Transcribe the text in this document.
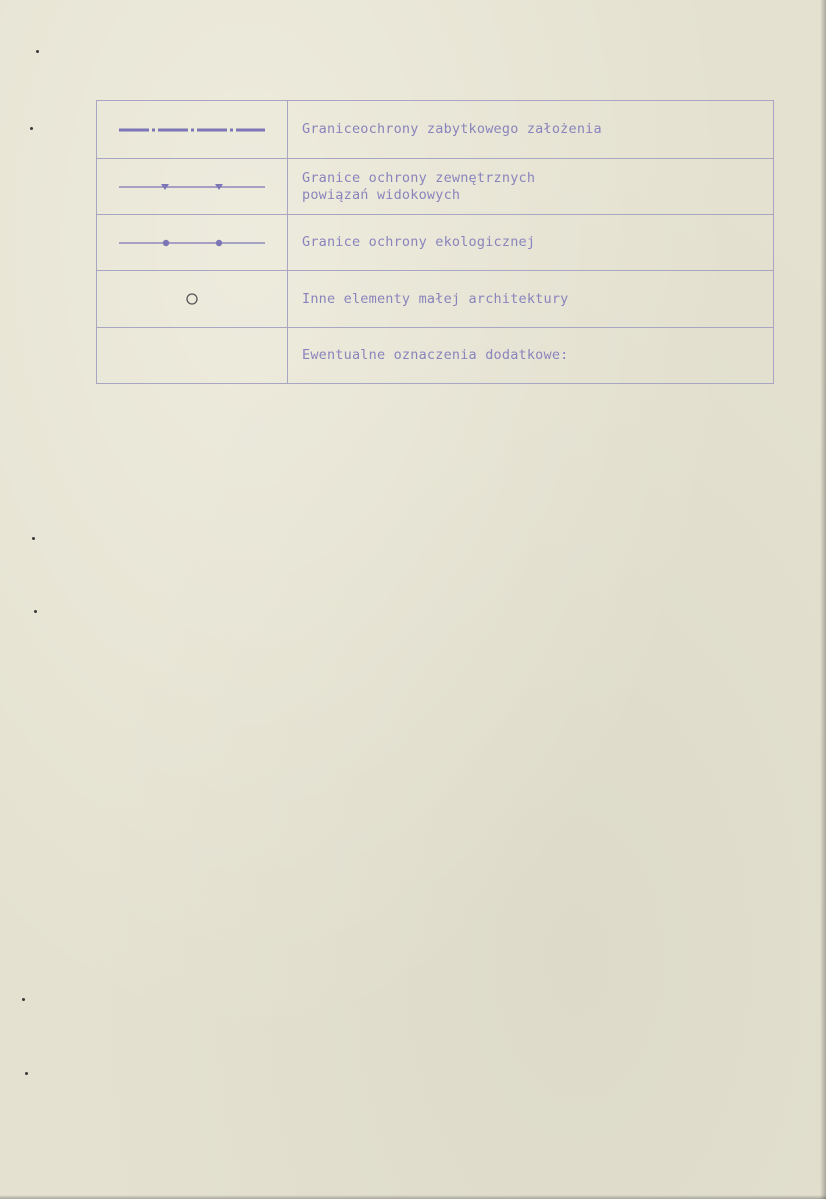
Graniceochrony zabytkowego założenia

Granice ochrony zewnętrznych
powiązań widokowych

Granice ochrony ekologicznej

Inne elementy małej architektury

	Ewentualne oznaczenia dodatkowe:
